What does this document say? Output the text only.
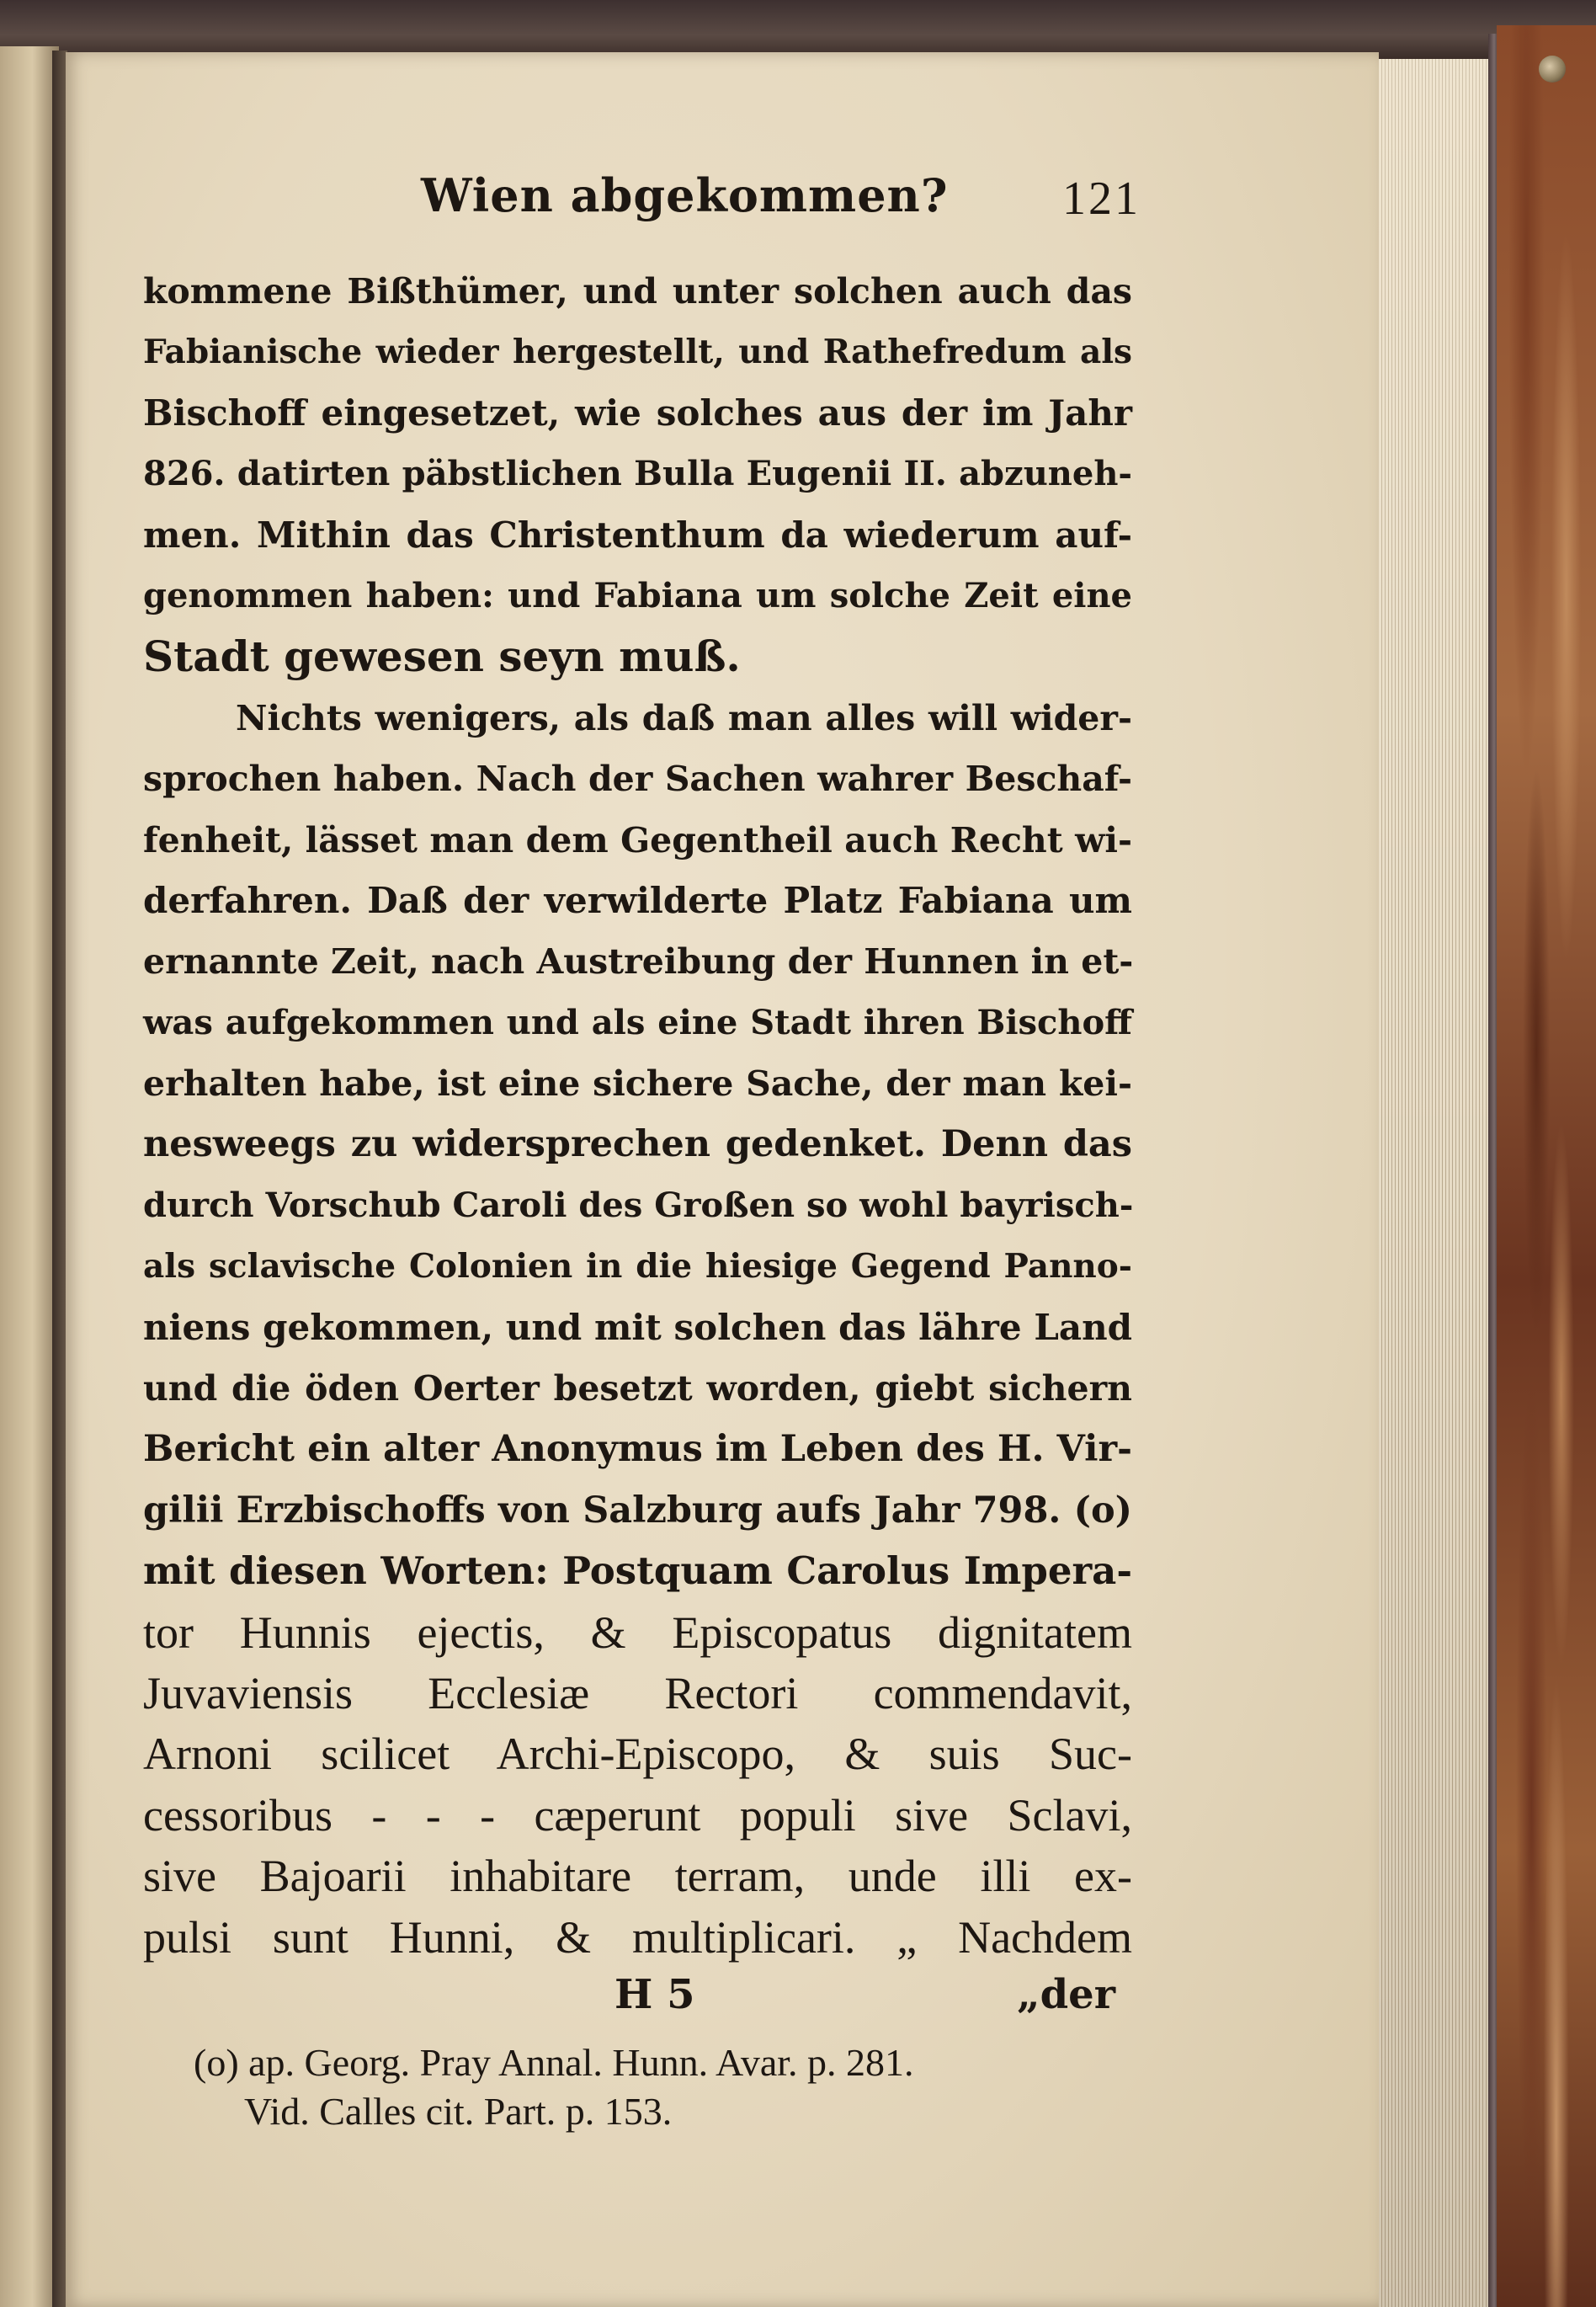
Wien abgekommen? 121
kommene Bißthümer, und unter solchen auch das
Fabianische wieder hergestellt, und Rathefredum als
Bischoff eingesetzet, wie solches aus der im Jahr
826. datirten päbstlichen Bulla Eugenii II. abzuneh-
men. Mithin das Christenthum da wiederum auf-
genommen haben: und Fabiana um solche Zeit eine
Stadt gewesen seyn muß.
Nichts wenigers, als daß man alles will wider-
sprochen haben. Nach der Sachen wahrer Beschaf-
fenheit, lässet man dem Gegentheil auch Recht wi-
derfahren. Daß der verwilderte Platz Fabiana um
ernannte Zeit, nach Austreibung der Hunnen in et-
was aufgekommen und als eine Stadt ihren Bischoff
erhalten habe, ist eine sichere Sache, der man kei-
nesweegs zu widersprechen gedenket. Denn das
durch Vorschub Caroli des Großen so wohl bayrisch-
als sclavische Colonien in die hiesige Gegend Panno-
niens gekommen, und mit solchen das lähre Land
und die öden Oerter besetzt worden, giebt sichern
Bericht ein alter Anonymus im Leben des H. Vir-
gilii Erzbischoffs von Salzburg aufs Jahr 798. (o)
mit diesen Worten: Postquam Carolus Impera-
tor Hunnis ejectis, & Episcopatus dignitatem
Juvaviensis Ecclesiæ Rectori commendavit,
Arnoni scilicet Archi-Episcopo, & suis Suc-
cessoribus - - - cæperunt populi sive Sclavi,
sive Bajoarii inhabitare terram, unde illi ex-
pulsi sunt Hunni, & multiplicari. „ Nachdem
H 5	„der
(o) ap. Georg. Pray Annal. Hunn. Avar. p. 281.
Vid. Calles cit. Part. p. 153.
